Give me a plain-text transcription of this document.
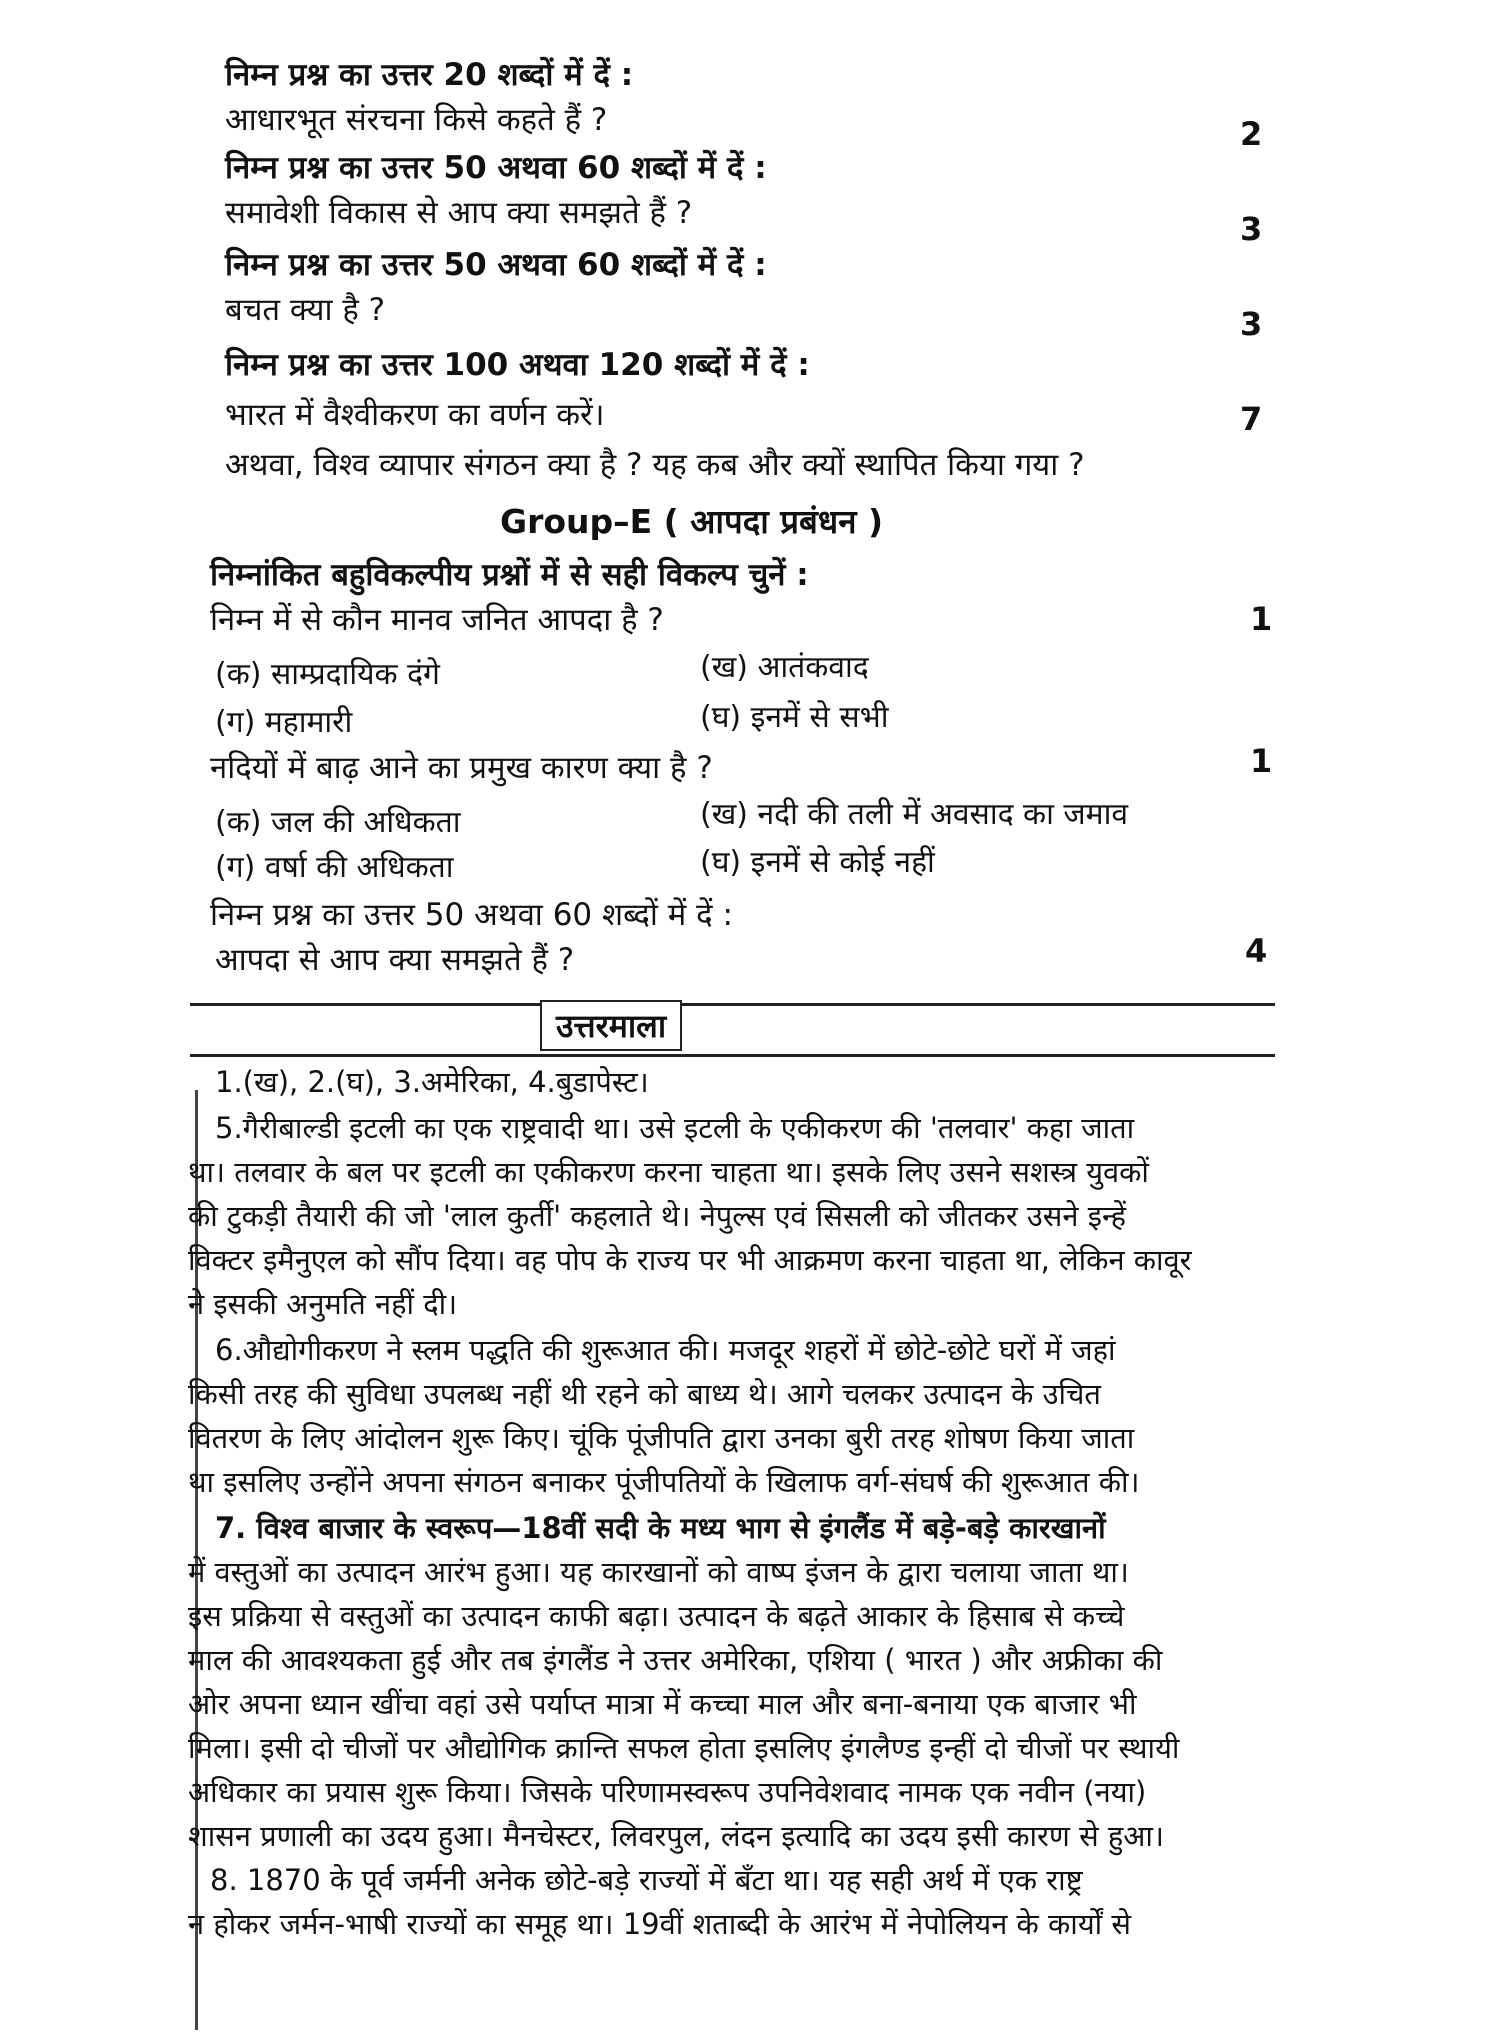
निम्न प्रश्न का उत्तर 20 शब्दों में दें :
आधारभूत संरचना किसे कहते हैं ?	2
निम्न प्रश्न का उत्तर 50 अथवा 60 शब्दों में दें :
समावेशी विकास से आप क्या समझते हैं ?	3
निम्न प्रश्न का उत्तर 50 अथवा 60 शब्दों में दें :
बचत क्या है ?	3
निम्न प्रश्न का उत्तर 100 अथवा 120 शब्दों में दें :
भारत में वैश्वीकरण का वर्णन करें।	7
अथवा, विश्व व्यापार संगठन क्या है ? यह कब और क्यों स्थापित किया गया ?
Group–E ( आपदा प्रबंधन )
निम्नांकित बहुविकल्पीय प्रश्नों में से सही विकल्प चुनें :
निम्न में से कौन मानव जनित आपदा है ?	1
(क) साम्प्रदायिक दंगे	(ख) आतंकवाद
(ग) महामारी	(घ) इनमें से सभी
नदियों में बाढ़ आने का प्रमुख कारण क्या है ?	1
(क) जल की अधिकता	(ख) नदी की तली में अवसाद का जमाव
(ग) वर्षा की अधिकता	(घ) इनमें से कोई नहीं
निम्न प्रश्न का उत्तर 50 अथवा 60 शब्दों में दें :
आपदा से आप क्या समझते हैं ?	4
उत्तरमाला
1.(ख), 2.(घ), 3.अमेरिका, 4.बुडापेस्ट।
5.गैरीबाल्डी इटली का एक राष्ट्रवादी था। उसे इटली के एकीकरण की 'तलवार' कहा जाता
था। तलवार के बल पर इटली का एकीकरण करना चाहता था। इसके लिए उसने सशस्त्र युवकों
की टुकड़ी तैयारी की जो 'लाल कुर्ती' कहलाते थे। नेपुल्स एवं सिसली को जीतकर उसने इन्हें
विक्टर इमैनुएल को सौंप दिया। वह पोप के राज्य पर भी आक्रमण करना चाहता था, लेकिन कावूर
ने इसकी अनुमति नहीं दी।
6.औद्योगीकरण ने स्लम पद्धति की शुरूआत की। मजदूर शहरों में छोटे-छोटे घरों में जहां
किसी तरह की सुविधा उपलब्ध नहीं थी रहने को बाध्य थे। आगे चलकर उत्पादन के उचित
वितरण के लिए आंदोलन शुरू किए। चूंकि पूंजीपति द्वारा उनका बुरी तरह शोषण किया जाता
था इसलिए उन्होंने अपना संगठन बनाकर पूंजीपतियों के खिलाफ वर्ग-संघर्ष की शुरूआत की।
7. विश्व बाजार के स्वरूप—18वीं सदी के मध्य भाग से इंगलैंड में बड़े-बड़े कारखानों
में वस्तुओं का उत्पादन आरंभ हुआ। यह कारखानों को वाष्प इंजन के द्वारा चलाया जाता था।
इस प्रक्रिया से वस्तुओं का उत्पादन काफी बढ़ा। उत्पादन के बढ़ते आकार के हिसाब से कच्चे
माल की आवश्यकता हुई और तब इंगलैंड ने उत्तर अमेरिका, एशिया ( भारत ) और अफ्रीका की
ओर अपना ध्यान खींचा वहां उसे पर्याप्त मात्रा में कच्चा माल और बना-बनाया एक बाजार भी
मिला। इसी दो चीजों पर औद्योगिक क्रान्ति सफल होता इसलिए इंगलैण्ड इन्हीं दो चीजों पर स्थायी
अधिकार का प्रयास शुरू किया। जिसके परिणामस्वरूप उपनिवेशवाद नामक एक नवीन (नया)
शासन प्रणाली का उदय हुआ। मैनचेस्टर, लिवरपुल, लंदन इत्यादि का उदय इसी कारण से हुआ।
8. 1870 के पूर्व जर्मनी अनेक छोटे-बड़े राज्यों में बँटा था। यह सही अर्थ में एक राष्ट्र
न होकर जर्मन-भाषी राज्यों का समूह था। 19वीं शताब्दी के आरंभ में नेपोलियन के कार्यों से
